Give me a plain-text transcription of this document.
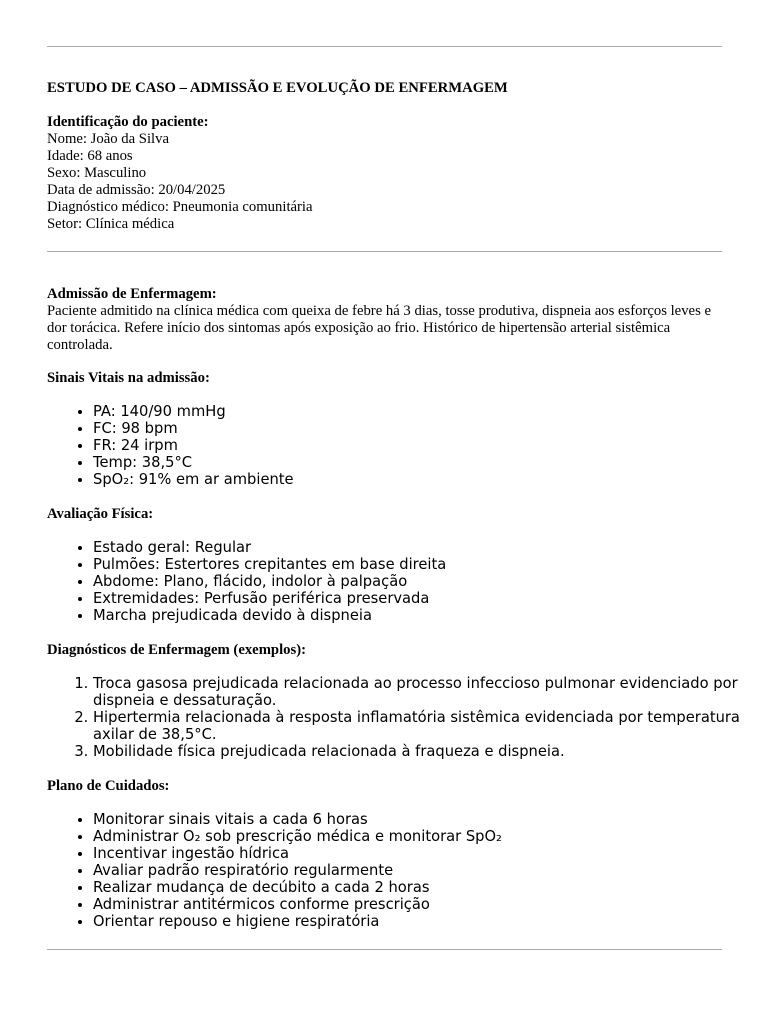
ESTUDO DE CASO – ADMISSÃO E EVOLUÇÃO DE ENFERMAGEM

Identificação do paciente:

Nome: João da Silva

Idade: 68 anos

Sexo: Masculino

Data de admissão: 20/04/2025

Diagnóstico médico: Pneumonia comunitária

Setor: Clínica médica

Admissão de Enfermagem:

Paciente admitido na clínica médica com queixa de febre há 3 dias, tosse produtiva, dispneia aos esforços leves e dor torácica. Refere início dos sintomas após exposição ao frio. Histórico de hipertensão arterial sistêmica controlada.

Sinais Vitais na admissão:

• PA: 140/90 mmHg
• FC: 98 bpm
• FR: 24 irpm
• Temp: 38,5°C
• SpO₂: 91% em ar ambiente

Avaliação Física:

• Estado geral: Regular
• Pulmões: Estertores crepitantes em base direita
• Abdome: Plano, flácido, indolor à palpação
• Extremidades: Perfusão periférica preservada
• Marcha prejudicada devido à dispneia

Diagnósticos de Enfermagem (exemplos):

1. Troca gasosa prejudicada relacionada ao processo infeccioso pulmonar evidenciado por dispneia e dessaturação.
2. Hipertermia relacionada à resposta inflamatória sistêmica evidenciada por temperatura axilar de 38,5°C.
3. Mobilidade física prejudicada relacionada à fraqueza e dispneia.

Plano de Cuidados:

• Monitorar sinais vitais a cada 6 horas
• Administrar O₂ sob prescrição médica e monitorar SpO₂
• Incentivar ingestão hídrica
• Avaliar padrão respiratório regularmente
• Realizar mudança de decúbito a cada 2 horas
• Administrar antitérmicos conforme prescrição
• Orientar repouso e higiene respiratória
